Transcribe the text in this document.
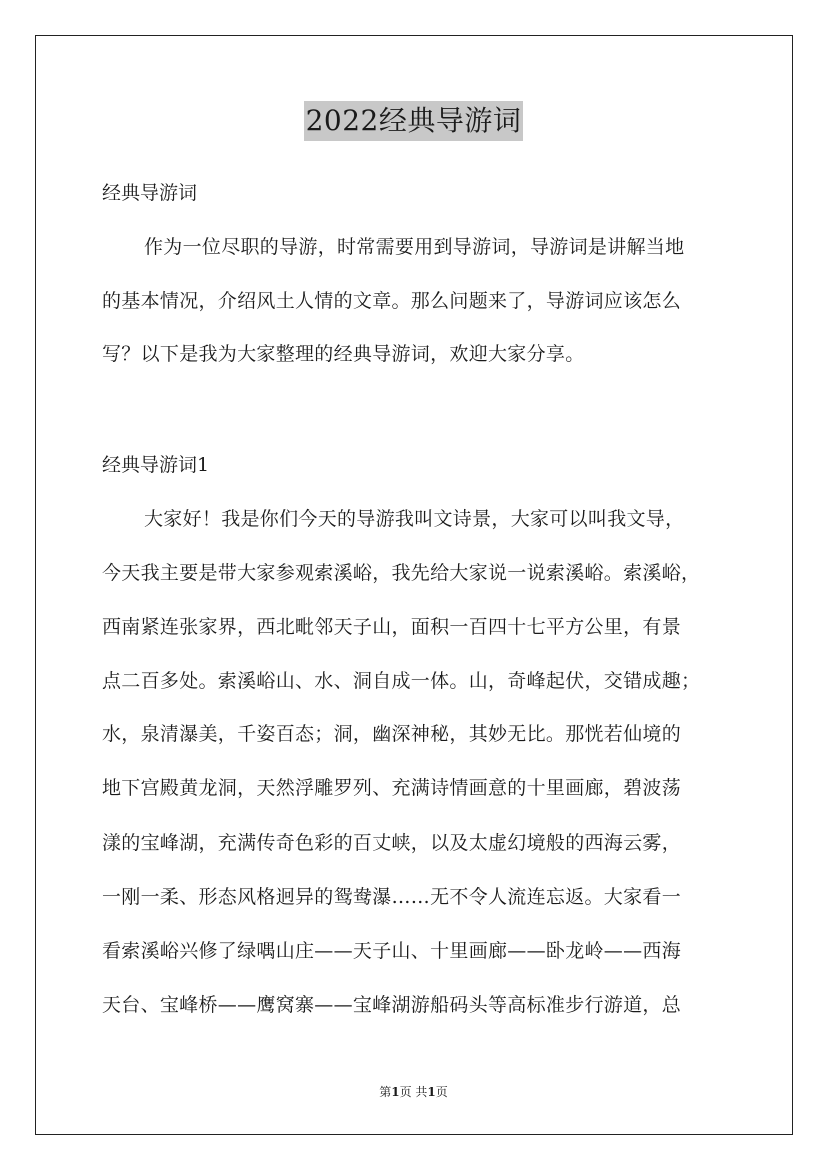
2022经典导游词
经典导游词
作为一位尽职的导游，时常需要用到导游词，导游词是讲解当地
的基本情况，介绍风土人情的文章。那么问题来了，导游词应该怎么
写？以下是我为大家整理的经典导游词，欢迎大家分享。
经典导游词1
大家好！我是你们今天的导游我叫文诗景，大家可以叫我文导，
今天我主要是带大家参观索溪峪，我先给大家说一说索溪峪。索溪峪，
西南紧连张家界，西北毗邻天子山，面积一百四十七平方公里，有景
点二百多处。索溪峪山、水、洞自成一体。山，奇峰起伏，交错成趣；
水，泉清瀑美，千姿百态；洞，幽深神秘，其妙无比。那恍若仙境的
地下宫殿黄龙洞，天然浮雕罗列、充满诗情画意的十里画廊，碧波荡
漾的宝峰湖，充满传奇色彩的百丈峡，以及太虚幻境般的西海云雾，
一刚一柔、形态风格迥异的鸳鸯瀑……无不令人流连忘返。大家看一
看索溪峪兴修了绿喁山庄——天子山、十里画廊——卧龙岭——西海
天台、宝峰桥——鹰窝寨——宝峰湖游船码头等高标准步行游道，总
第1页 共1页
